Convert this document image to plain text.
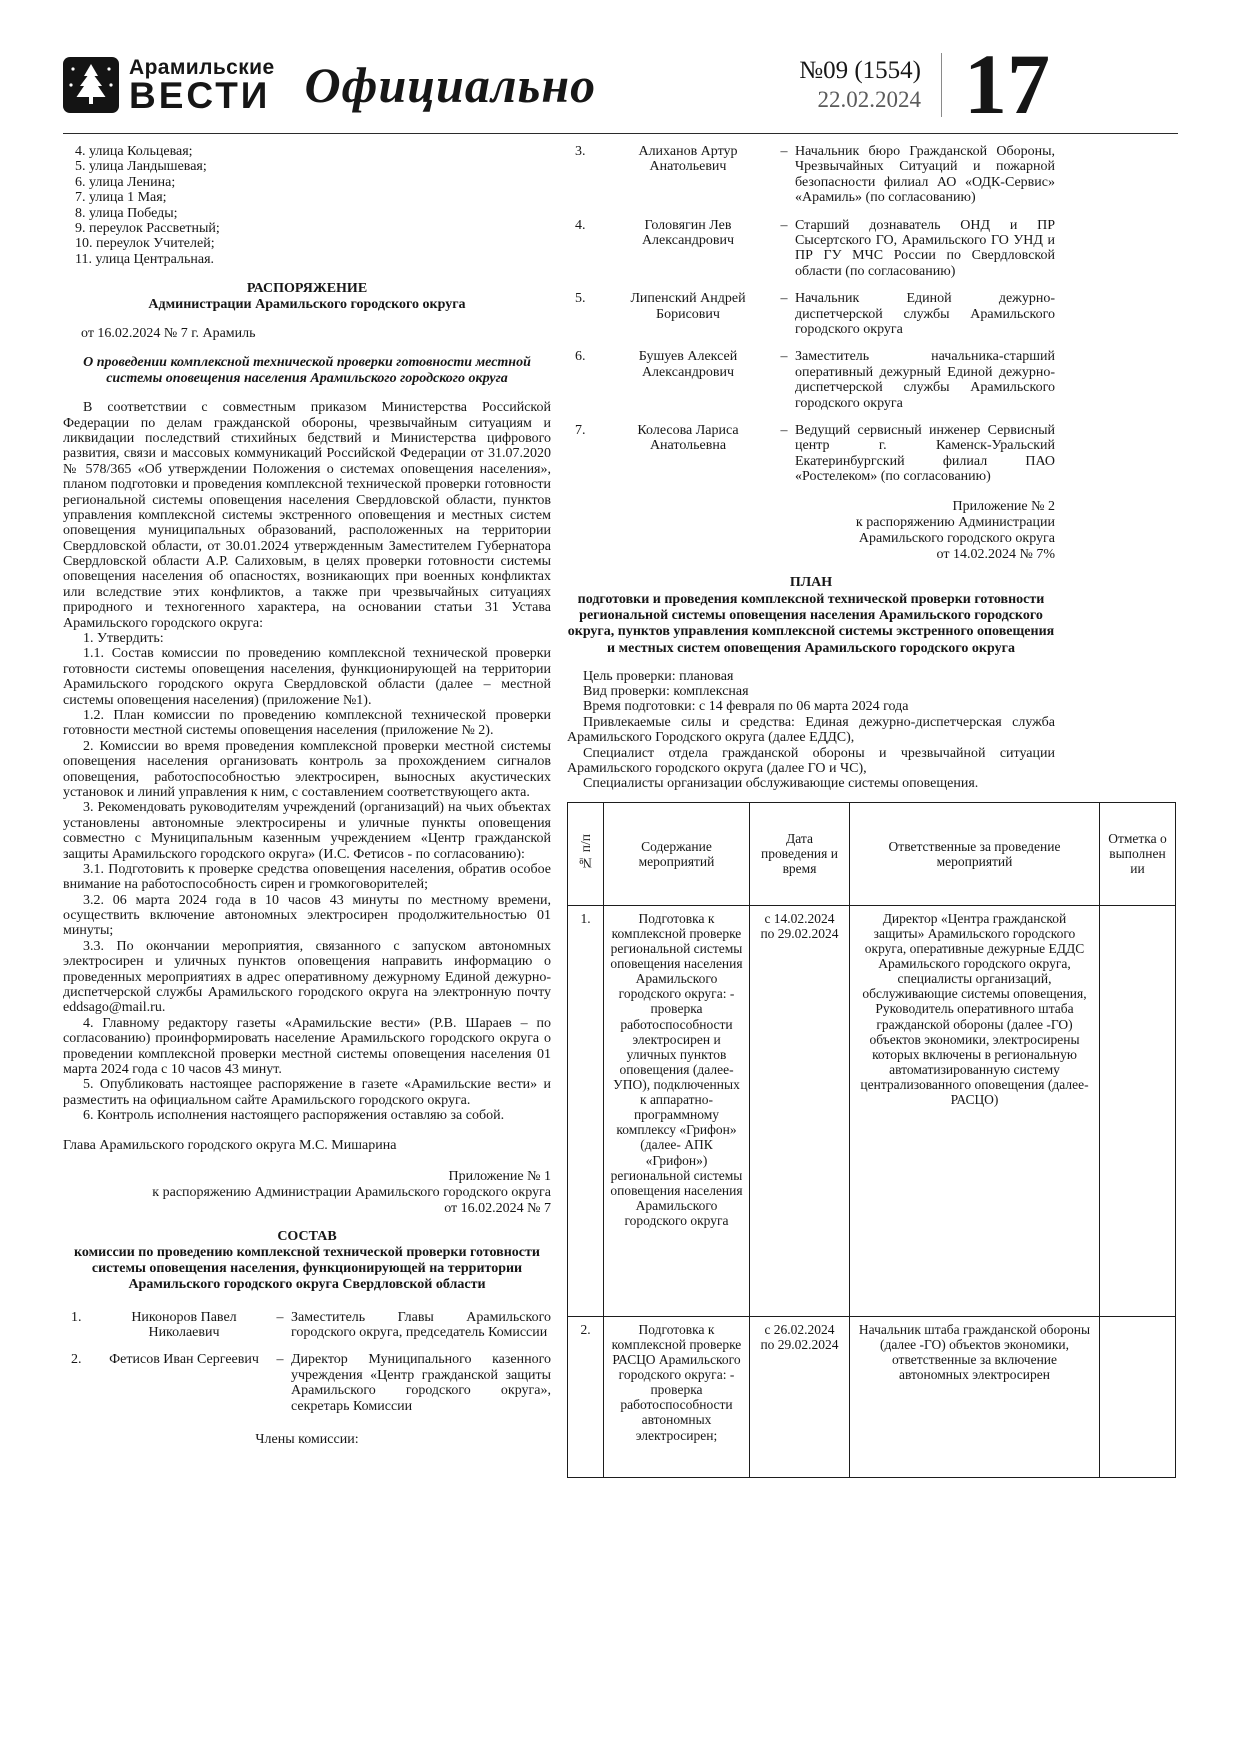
Арамильские
ВЕСТИ Официально	№09 (1554)
22.02.2024 17
4. улица Кольцевая;
5. улица Ландышевая;
6. улица Ленина;
7. улица 1 Мая;
8. улица Победы;
9. переулок Рассветный;
10. переулок Учителей;
11. улица Центральная.
РАСПОРЯЖЕНИЕ
Администрации Арамильского городского округа

от 16.02.2024 № 7 г. Арамиль

О проведении комплексной технической проверки готовности местной системы оповещения населения Арамильского городского округа

В соответствии с совместным приказом Министерства Российской Федерации по делам гражданской обороны, чрезвычайным ситуациям и ликвидации последствий стихийных бедствий и Министерства цифрового развития, связи и массовых коммуникаций Российской Федерации от 31.07.2020 № 578/365 «Об утверждении Положения о системах оповещения населения», планом подготовки и проведения комплексной технической проверки готовности региональной системы оповещения населения Свердловской области, пунктов управления комплексной системы экстренного оповещения и местных систем оповещения муниципальных образований, расположенных на территории Свердловской области, от 30.01.2024 утвержденным Заместителем Губернатора Свердловской области А.Р. Салиховым, в целях проверки готовности системы оповещения населения об опасностях, возникающих при военных конфликтах или вследствие этих конфликтов, а также при чрезвычайных ситуациях природного и техногенного характера, на основании статьи 31 Устава Арамильского городского округа:

1. Утвердить:

1.1. Состав комиссии по проведению комплексной технической проверки готовности системы оповещения населения, функционирующей на территории Арамильского городского округа Свердловской области (далее – местной системы оповещения населения) (приложение №1).

1.2. План комиссии по проведению комплексной технической проверки готовности местной системы оповещения населения (приложение № 2).

2. Комиссии во время проведения комплексной проверки местной системы оповещения населения организовать контроль за прохождением сигналов оповещения, работоспособностью электросирен, выносных акустических установок и линий управления к ним, с составлением соответствующего акта.

3. Рекомендовать руководителям учреждений (организаций) на чьих объектах установлены автономные электросирены и уличные пункты оповещения совместно с Муниципальным казенным учреждением «Центр гражданской защиты Арамильского городского округа» (И.С. Фетисов - по согласованию):

3.1. Подготовить к проверке средства оповещения населения, обратив особое внимание на работоспособность сирен и громкоговорителей;

3.2. 06 марта 2024 года в 10 часов 43 минуты по местному времени, осуществить включение автономных электросирен продолжительностью 01 минуты;

3.3. По окончании мероприятия, связанного с запуском автономных электросирен и уличных пунктов оповещения направить информацию о проведенных мероприятиях в адрес оперативному дежурному Единой дежурно-диспетчерской службы Арамильского городского округа на электронную почту eddsago@mail.ru.

4. Главному редактору газеты «Арамильские вести» (Р.В. Шараев – по согласованию) проинформировать население Арамильского городского округа о проведении комплексной проверки местной системы оповещения населения 01 марта 2024 года с 10 часов 43 минут.

5. Опубликовать настоящее распоряжение в газете «Арамильские вести» и разместить на официальном сайте Арамильского городского округа.

6. Контроль исполнения настоящего распоряжения оставляю за собой.

Глава Арамильского городского округа М.С. Мишарина

Приложение № 1
к распоряжению Администрации Арамильского городского округа
от 16.02.2024 № 7
СОСТАВ
комиссии по проведению комплексной технической проверки готовности
системы оповещения населения, функционирующей на территории
Арамильского городского округа Свердловской области
1.	Никоноров Павел Николаевич
– Заместитель Главы Арамильского городского округа, председатель Комиссии
2.	Фетисов Иван Сергеевич	– Директор Муниципального казенного учреждения «Центр гражданской защиты Арамильского городского округа», секретарь Комиссии

Члены комиссии:

3.	Алиханов Артур Анатольевич
– Начальник бюро Гражданской Обороны, Чрезвычайных Ситуаций и пожарной безопасности филиал АО «ОДК-Сервис» «Арамиль» (по согласованию)
4.	Головягин Лев Александрович
– Старший дознаватель ОНД и ПР Сысертского ГО, Арамильского ГО УНД и ПР ГУ МЧС России по Свердловской области (по согласованию)
5.	Липенский Андрей Борисович
– Начальник Единой дежурно-диспетчерской службы Арамильского городского округа
6.	Бушуев Алексей Александрович
– Заместитель начальника-старший оперативный дежурный Единой дежурно-диспетчерской службы Арамильского городского округа
7.	Колесова Лариса Анатольевна
– Ведущий сервисный инженер Сервисный центр г. Каменск-Уральский Екатеринбургский филиал ПАО «Ростелеком» (по согласованию)
Приложение № 2
к распоряжению Администрации
Арамильского городского округа
от 14.02.2024 № 7%
ПЛАН
подготовки и проведения комплексной технической проверки готовности региональной системы оповещения населения Арамильского городского округа, пунктов управления комплексной системы экстренного оповещения и местных систем оповещения Арамильского городского округа

Цель проверки: плановая

Вид проверки: комплексная

Время подготовки: с 14 февраля по 06 марта 2024 года

Привлекаемые силы и средства: Единая дежурно-диспетчерская служба Арамильского Городского округа (далее ЕДДС),

Специалист отдела гражданской обороны и чрезвычайной ситуации Арамильского городского округа (далее ГО и ЧС),

Специалисты организации обслуживающие системы оповещения.

№ п/п	Содержание мероприятий	Дата проведения и время	Ответственные за проведение мероприятий	Отметка о выполнении
1.	Подготовка к комплексной проверке региональной системы оповещения населения Арамильского городского округа: - проверка работоспособности электросирен и уличных пунктов оповещения (далее- УПО), подключенных к аппаратно-программному комплексу «Грифон» (далее- АПК «Грифон») региональной системы оповещения населения Арамильского городского округа	с 14.02.2024 по 29.02.2024	Директор «Центра гражданской защиты» Арамильского городского округа, оперативные дежурные ЕДДС Арамильского городского округа, специалисты организаций, обслуживающие системы оповещения, Руководитель оперативного штаба гражданской обороны (далее -ГО) объектов экономики, электросирены которых включены в региональную автоматизированную систему централизованного оповещения (далее-РАСЦО)	
2.	Подготовка к комплексной проверке РАСЦО Арамильского городского округа: - проверка работоспособности автономных электросирен;	с 26.02.2024 по 29.02.2024	Начальник штаба гражданской обороны (далее -ГО) объектов экономики, ответственные за включение автономных электросирен	
